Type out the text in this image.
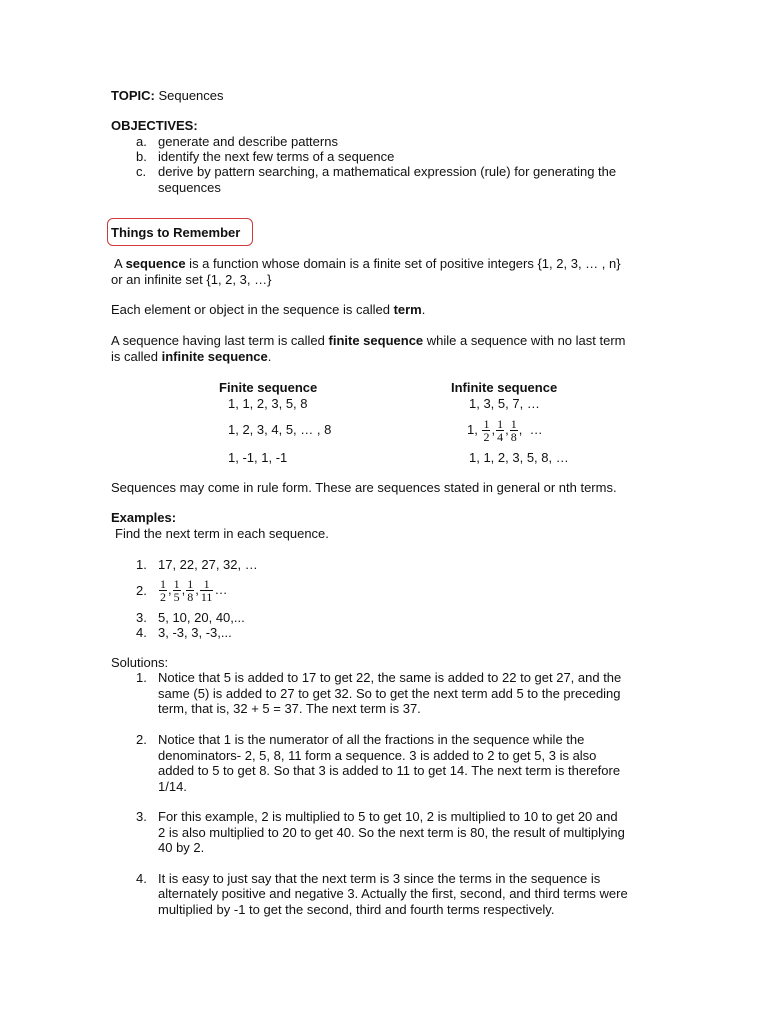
TOPIC: Sequences
OBJECTIVES:
a. generate and describe patterns
b. identify the next few terms of a sequence
c. derive by pattern searching, a mathematical expression (rule) for generating the
sequences
Things to Remember
A sequence is a function whose domain is a finite set of positive integers {1, 2, 3, … , n}
or an infinite set {1, 2, 3, …}
Each element or object in the sequence is called term.
A sequence having last term is called finite sequence while a sequence with no last term
is called infinite sequence.
Finite sequence	Infinite sequence
1, 1, 2, 3, 5, 8
1, 2, 3, 4, 5, … , 8
1, -1, 1, -1
1, 3, 5, 7, …
1, $\frac{1}{2}$ , $\frac{1}{4}$ , $\frac{1}{8}$ ,  …
1, 1, 2, 3, 5, 8, …
Sequences may come in rule form. These are sequences stated in general or nth terms.
Examples:
Find the next term in each sequence.
1. 17, 22, 27, 32, …
2.	$\frac{1}{2}$ , $\frac{1}{5}$ , $\frac{1}{8}$ , $\frac{1}{11}$ …
3. 5, 10, 20, 40,...
4. 3, -3, 3, -3,...
Solutions:
1. Notice that 5 is added to 17 to get 22, the same is added to 22 to get 27, and the
same (5) is added to 27 to get 32. So to get the next term add 5 to the preceding
term, that is, 32 + 5 = 37. The next term is 37.
2. Notice that 1 is the numerator of all the fractions in the sequence while the
denominators- 2, 5, 8, 11 form a sequence. 3 is added to 2 to get 5, 3 is also
added to 5 to get 8. So that 3 is added to 11 to get 14. The next term is therefore
1/14.
3. For this example, 2 is multiplied to 5 to get 10, 2 is multiplied to 10 to get 20 and
2 is also multiplied to 20 to get 40. So the next term is 80, the result of multiplying
40 by 2.
4. It is easy to just say that the next term is 3 since the terms in the sequence is
alternately positive and negative 3. Actually the first, second, and third terms were
multiplied by -1 to get the second, third and fourth terms respectively.
